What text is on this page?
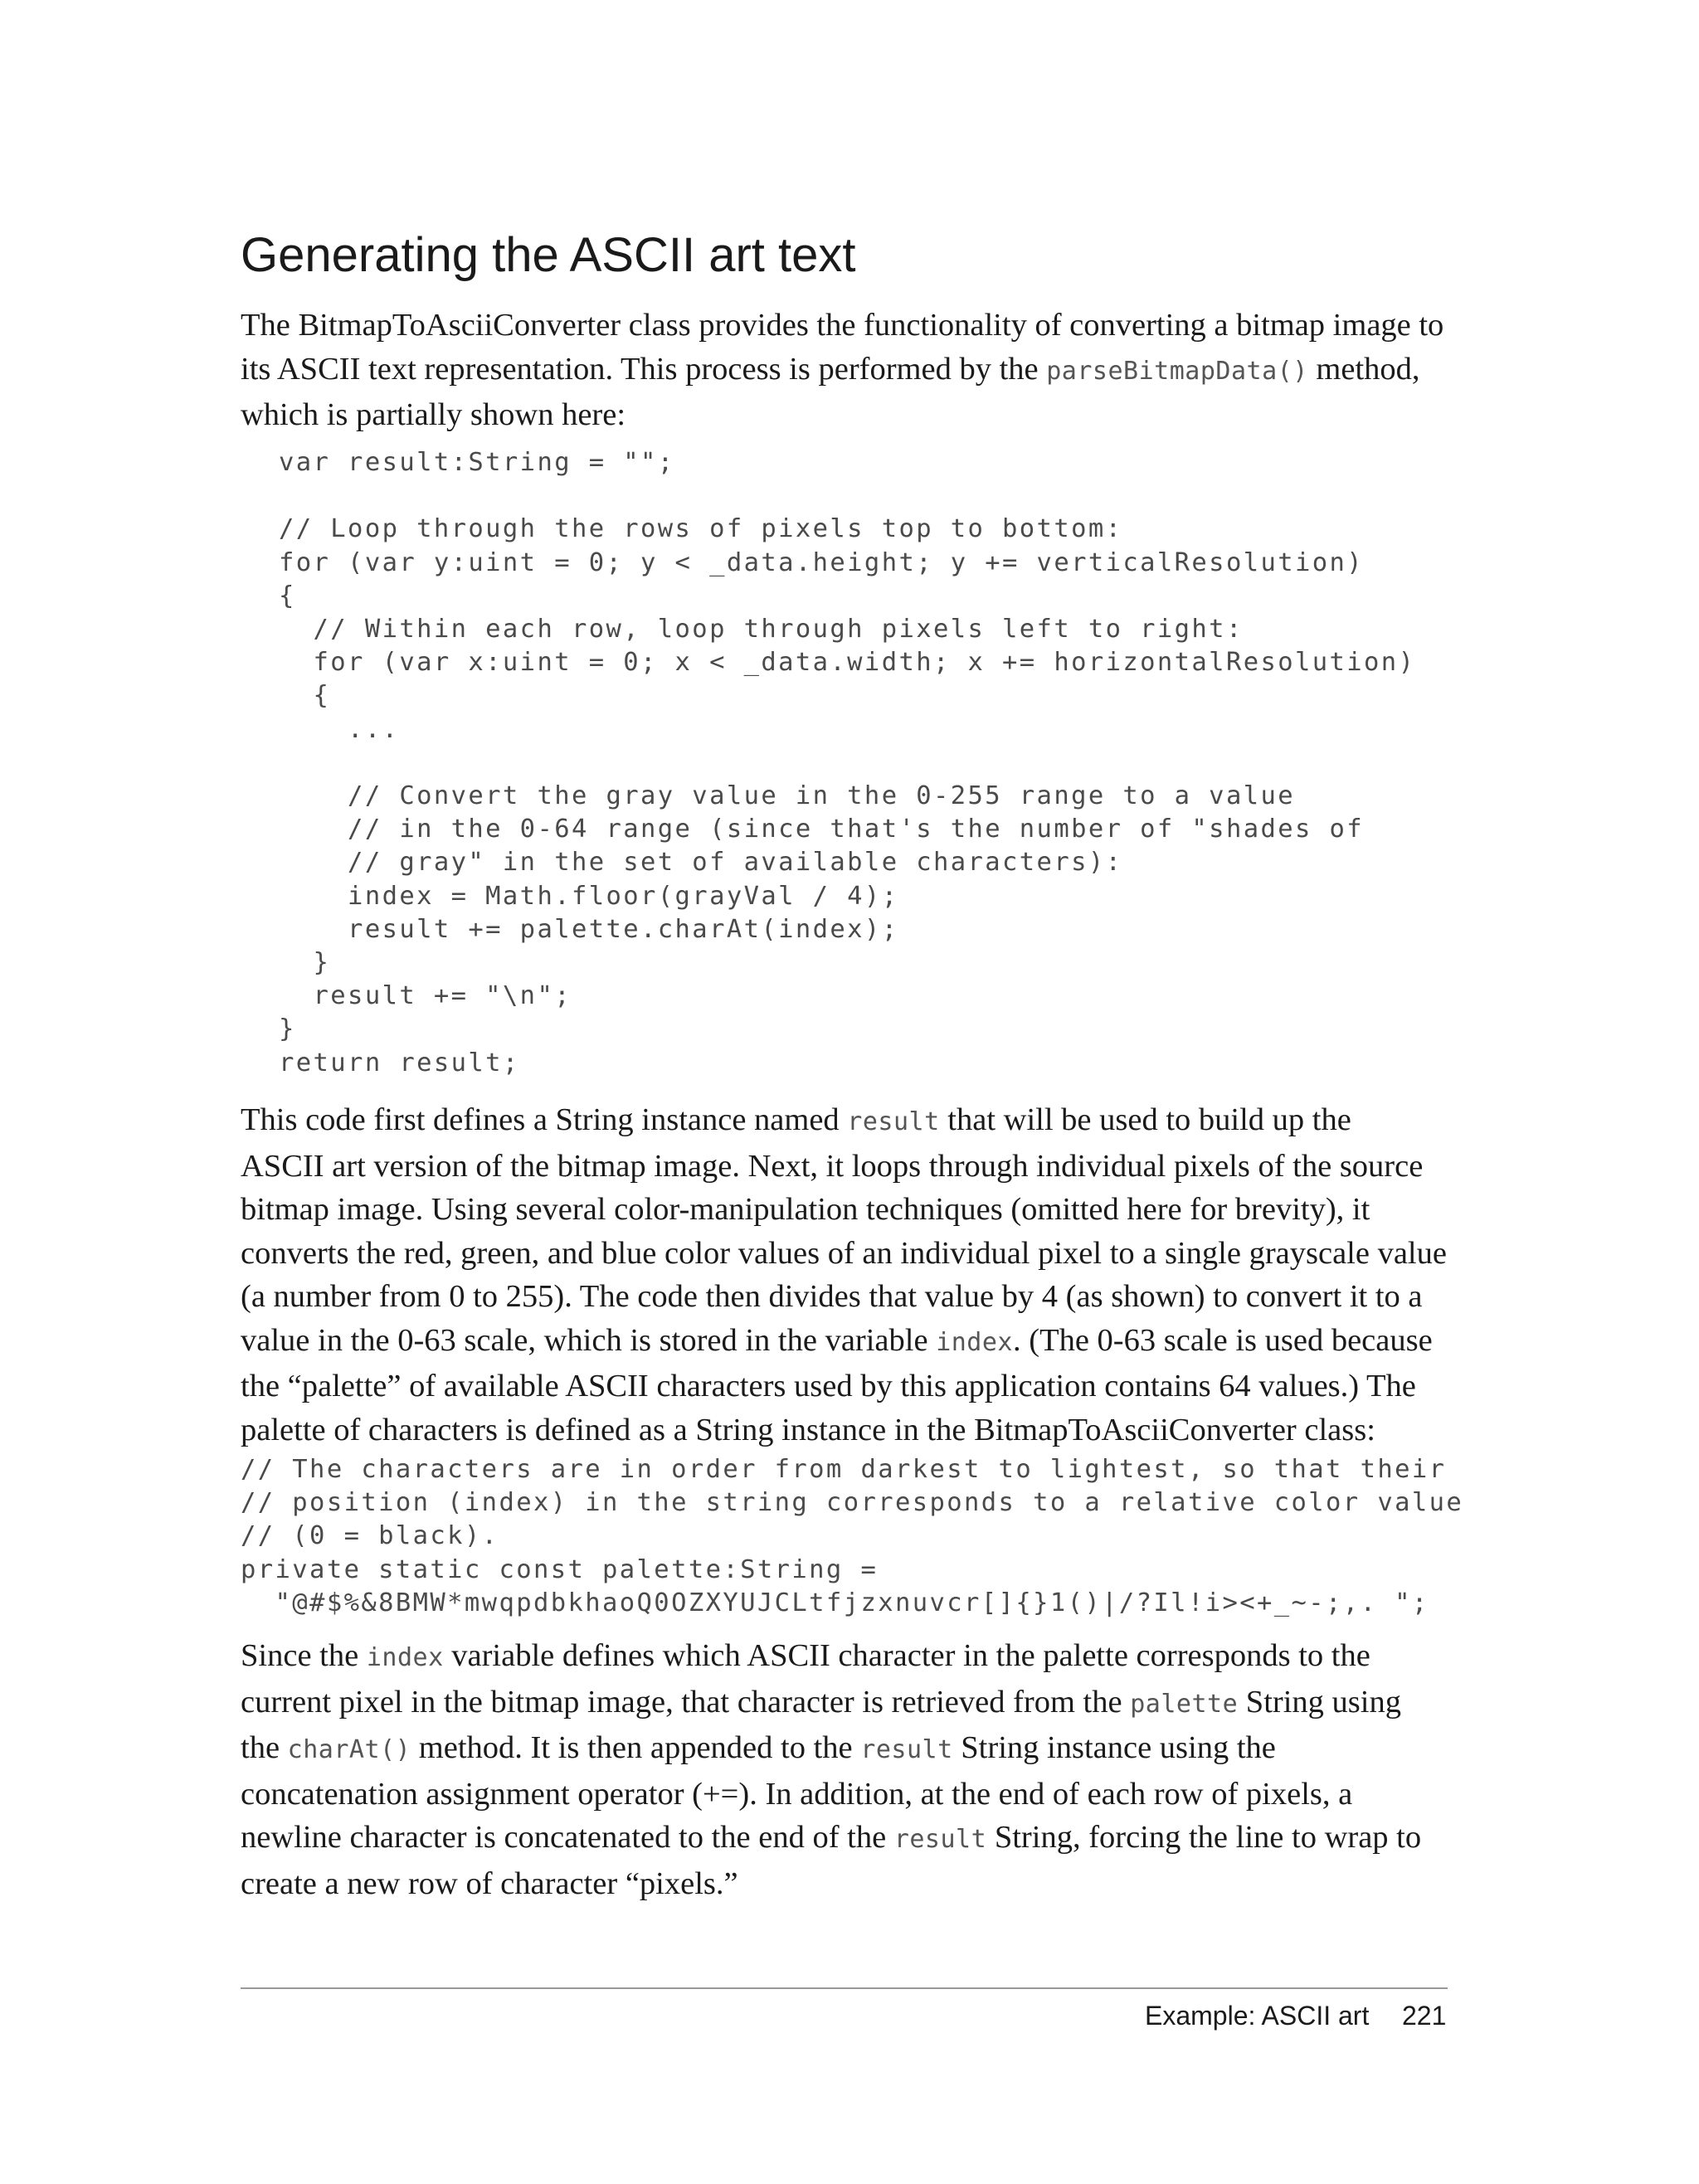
Generating the ASCII art text
The BitmapToAsciiConverter class provides the functionality of converting a bitmap image to
its ASCII text representation. This process is performed by the parseBitmapData() method,
which is partially shown here:
var result:String = "";

// Loop through the rows of pixels top to bottom:
for (var y:uint = 0; y < _data.height; y += verticalResolution)
{
// Within each row, loop through pixels left to right:
for (var x:uint = 0; x < _data.width; x += horizontalResolution)
{
...

// Convert the gray value in the 0-255 range to a value
// in the 0-64 range (since that's the number of "shades of
// gray" in the set of available characters):
index = Math.floor(grayVal / 4);
result += palette.charAt(index);
}
result += "\n";
}
return result;
This code first defines a String instance named result that will be used to build up the
ASCII art version of the bitmap image. Next, it loops through individual pixels of the source
bitmap image. Using several color-manipulation techniques (omitted here for brevity), it
converts the red, green, and blue color values of an individual pixel to a single grayscale value
(a number from 0 to 255). The code then divides that value by 4 (as shown) to convert it to a
value in the 0-63 scale, which is stored in the variable index. (The 0-63 scale is used because
the “palette” of available ASCII characters used by this application contains 64 values.) The
palette of characters is defined as a String instance in the BitmapToAsciiConverter class:
// The characters are in order from darkest to lightest, so that their
// position (index) in the string corresponds to a relative color value
// (0 = black).
private static const palette:String =
"@#$%&8BMW*mwqpdbkhaoQ0OZXYUJCLtfjzxnuvcr[]{}1()|/?Il!i><+_~-;,. ";
Since the index variable defines which ASCII character in the palette corresponds to the
current pixel in the bitmap image, that character is retrieved from the palette String using
the charAt() method. It is then appended to the result String instance using the
concatenation assignment operator (+=). In addition, at the end of each row of pixels, a
newline character is concatenated to the end of the result String, forcing the line to wrap to
create a new row of character “pixels.”
Example: ASCII art 221
